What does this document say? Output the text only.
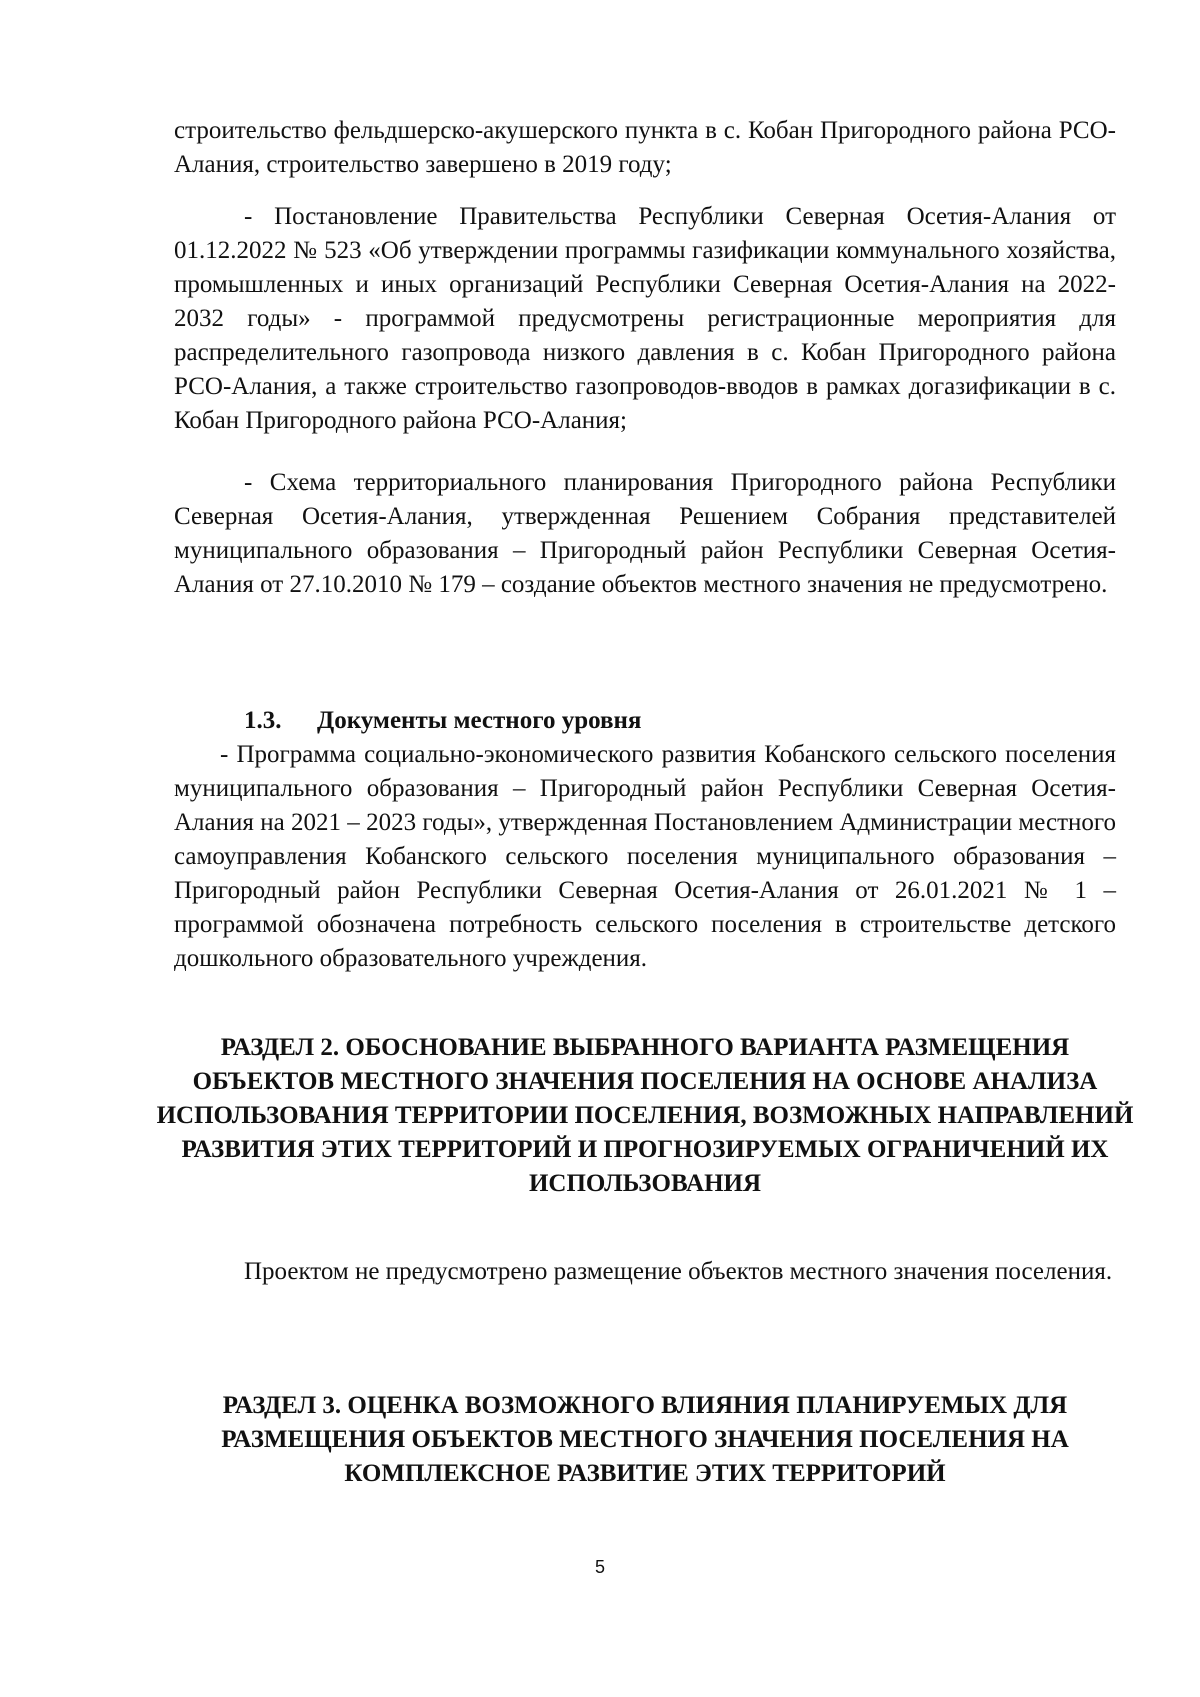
строительство фельдшерско-акушерского пункта в с. Кобан Пригородного района РСО-Алания, строительство завершено в 2019 году;

- Постановление Правительства Республики Северная Осетия-Алания от 01.12.2022 № 523 «Об утверждении программы газификации коммунального хозяйства, промышленных и иных организаций Республики Северная Осетия-Алания на 2022-2032 годы» - программой предусмотрены регистрационные мероприятия для распределительного газопровода низкого давления в с. Кобан Пригородного района РСО-Алания, а также строительство газопроводов-вводов в рамках догазификации в с. Кобан Пригородного района РСО-Алания;

- Схема территориального планирования Пригородного района Республики Северная Осетия-Алания, утвержденная Решением Собрания представителей муниципального образования – Пригородный район Республики Северная Осетия-Алания от 27.10.2010 № 179 – создание объектов местного значения не предусмотрено.

1.3. Документы местного уровня

- Программа социально-экономического развития Кобанского сельского поселения муниципального образования – Пригородный район Республики Северная Осетия-Алания на 2021 – 2023 годы», утвержденная Постановлением Администрации местного самоуправления Кобанского сельского поселения муниципального образования – Пригородный район Республики Северная Осетия-Алания от 26.01.2021 № 1 – программой обозначена потребность сельского поселения в строительстве детского дошкольного образовательного учреждения.

РАЗДЕЛ 2. ОБОСНОВАНИЕ ВЫБРАННОГО ВАРИАНТА РАЗМЕЩЕНИЯ ОБЪЕКТОВ МЕСТНОГО ЗНАЧЕНИЯ ПОСЕЛЕНИЯ НА ОСНОВЕ АНАЛИЗА ИСПОЛЬЗОВАНИЯ ТЕРРИТОРИИ ПОСЕЛЕНИЯ, ВОЗМОЖНЫХ НАПРАВЛЕНИЙ РАЗВИТИЯ ЭТИХ ТЕРРИТОРИЙ И ПРОГНОЗИРУЕМЫХ ОГРАНИЧЕНИЙ ИХ ИСПОЛЬЗОВАНИЯ

Проектом не предусмотрено размещение объектов местного значения поселения.

РАЗДЕЛ 3. ОЦЕНКА ВОЗМОЖНОГО ВЛИЯНИЯ ПЛАНИРУЕМЫХ ДЛЯ РАЗМЕЩЕНИЯ ОБЪЕКТОВ МЕСТНОГО ЗНАЧЕНИЯ ПОСЕЛЕНИЯ НА КОМПЛЕКСНОЕ РАЗВИТИЕ ЭТИХ ТЕРРИТОРИЙ
5
